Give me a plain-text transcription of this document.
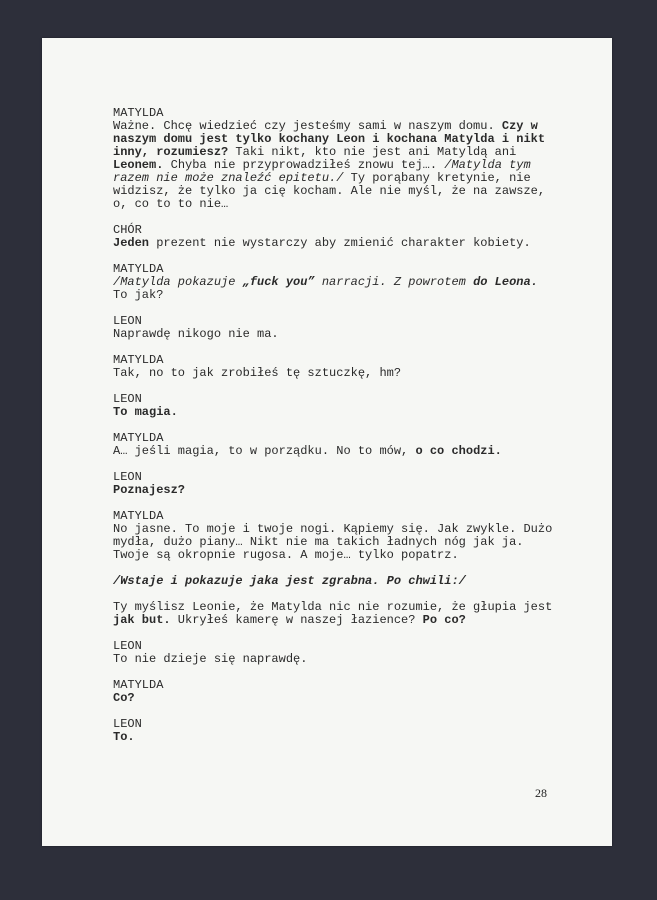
MATYLDA
Ważne. Chcę wiedzieć czy jesteśmy sami w naszym domu. Czy w
naszym domu jest tylko kochany Leon i kochana Matylda i nikt
inny, rozumiesz? Taki nikt, kto nie jest ani Matyldą ani
Leonem. Chyba nie przyprowadziłeś znowu tej…. /Matylda tym
razem nie może znaleźć epitetu./ Ty porąbany kretynie, nie
widzisz, że tylko ja cię kocham. Ale nie myśl, że na zawsze,
o, co to to nie…
CHÓR
Jeden prezent nie wystarczy aby zmienić charakter kobiety.
MATYLDA
/Matylda pokazuje „fuck you” narracji. Z powrotem do Leona.
To jak?
LEON
Naprawdę nikogo nie ma.
MATYLDA
Tak, no to jak zrobiłeś tę sztuczkę, hm?
LEON
To magia.
MATYLDA
A… jeśli magia, to w porządku. No to mów, o co chodzi.
LEON
Poznajesz?
MATYLDA
No jasne. To moje i twoje nogi. Kąpiemy się. Jak zwykle. Dużo
mydła, dużo piany… Nikt nie ma takich ładnych nóg jak ja.
Twoje są okropnie rugosa. A moje… tylko popatrz.
/Wstaje i pokazuje jaka jest zgrabna. Po chwili:/
Ty myślisz Leonie, że Matylda nic nie rozumie, że głupia jest
jak but. Ukryłeś kamerę w naszej łazience? Po co?
LEON
To nie dzieje się naprawdę.
MATYLDA
Co?
LEON
To.
28
